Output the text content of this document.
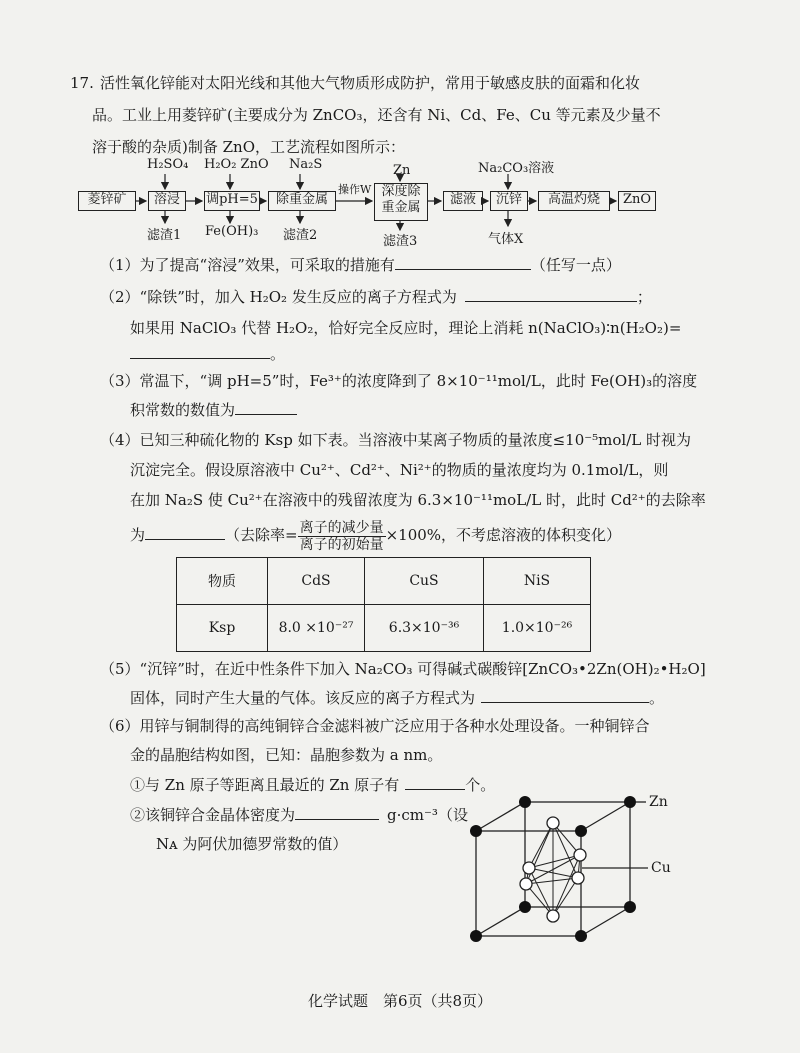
17. 活性氧化锌能对太阳光线和其他大气物质形成防护，常用于敏感皮肤的面霜和化妆
品。工业上用菱锌矿(主要成分为 ZnCO₃，还含有 Ni、Cd、Fe、Cu 等元素及少量不
溶于酸的杂质)制备 ZnO，工艺流程如图所示：
H₂SO₄ H₂O₂ ZnO Na₂S	Zn	Na₂CO₃溶液
操作W
菱锌矿	溶浸	调pH=5	除重金属
深度除
重金属
滤液	沉锌	高温灼烧	ZnO
滤渣1 Fe(OH)₃ 滤渣2	滤渣3	气体X
（1）为了提高“溶浸”效果，可采取的措施有	（任写一点）
（2）“除铁”时，加入 H₂O₂ 发生反应的离子方程式为	；
如果用 NaClO₃ 代替 H₂O₂，恰好完全反应时，理论上消耗 n(NaClO₃)∶n(H₂O₂)=
。
（3）常温下，“调 pH=5”时，Fe³⁺的浓度降到了 8×10⁻¹¹mol/L，此时 Fe(OH)₃的溶度
积常数的数值为
（4）已知三种硫化物的 Ksp 如下表。当溶液中某离子物质的量浓度≤10⁻⁵mol/L 时视为
沉淀完全。假设原溶液中 Cu²⁺、Cd²⁺、Ni²⁺的物质的量浓度均为 0.1mol/L，则
在加 Na₂S 使 Cu²⁺在溶液中的残留浓度为 6.3×10⁻¹¹moL/L 时，此时 Cd²⁺的去除率
为	（去除率= $\frac{\text{离子的减少量}}{\text{离子的初始量}} \times 100\%$，不考虑溶液的体积变化）
物质	CdS	CuS	NiS
Ksp	8.0 ×10⁻²⁷	6.3×10⁻³⁶	1.0×10⁻²⁶
（5）“沉锌”时，在近中性条件下加入 Na₂CO₃ 可得碱式碳酸锌[ZnCO₃•2Zn(OH)₂•H₂O]
固体，同时产生大量的气体。该反应的离子方程式为	。
（6）用锌与铜制得的高纯铜锌合金滤料被广泛应用于各种水处理设备。一种铜锌合
金的晶胞结构如图，已知：晶胞参数为 a nm。
①与 Zn 原子等距离且最近的 Zn 原子有	个。
②该铜锌合金晶体密度为	g·cm⁻³（设
Nᴀ 为阿伏加德罗常数的值）
Zn
Cu
化学试题　第6页（共8页）
